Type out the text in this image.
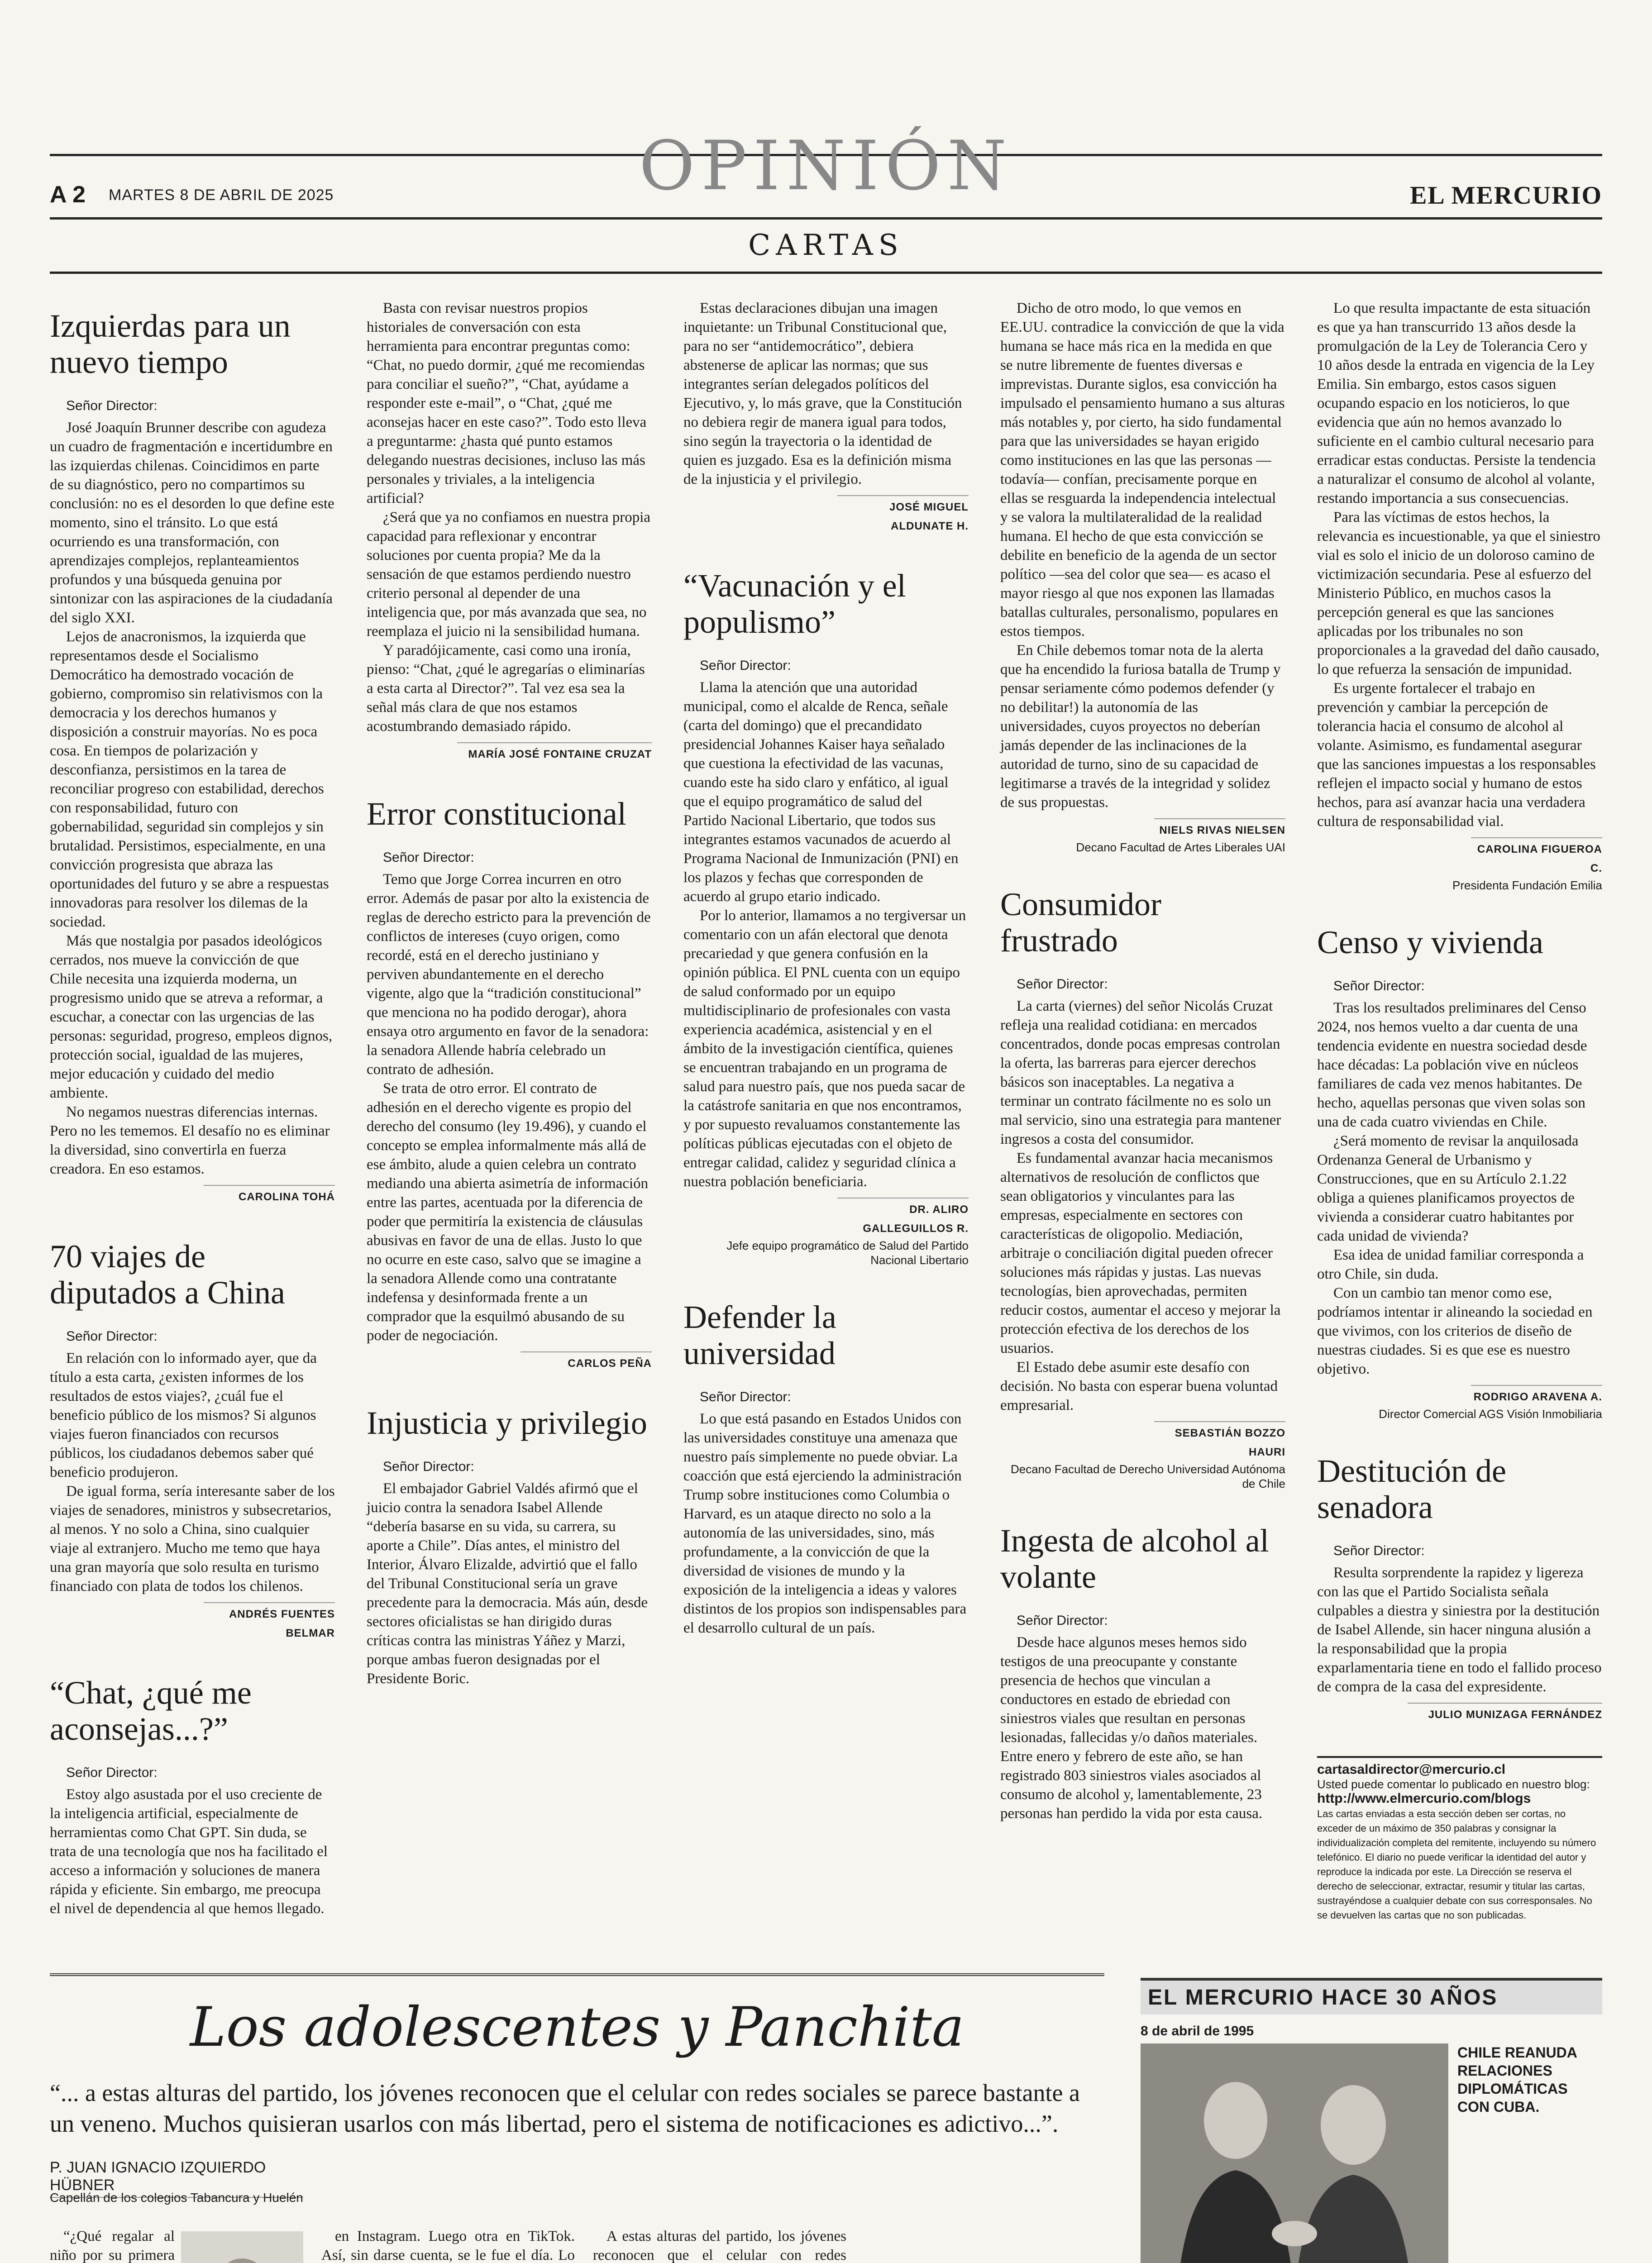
OPINIÓN
A 2 MARTES 8 DE ABRIL DE 2025	EL MERCURIO
CARTAS
Izquierdas para un nuevo tiempo
Señor Director:

José Joaquín Brunner describe con agudeza un cuadro de fragmentación e incertidumbre en las izquierdas chilenas. Coincidimos en parte de su diagnóstico, pero no compartimos su conclusión: no es el desorden lo que define este momento, sino el tránsito. Lo que está ocurriendo es una transformación, con aprendizajes complejos, replanteamientos profundos y una búsqueda genuina por sintonizar con las aspiraciones de la ciudadanía del siglo XXI.

Lejos de anacronismos, la izquierda que representamos desde el Socialismo Democrático ha demostrado vocación de gobierno, compromiso sin relativismos con la democracia y los derechos humanos y disposición a construir mayorías. No es poca cosa. En tiempos de polarización y desconfianza, persistimos en la tarea de reconciliar progreso con estabilidad, derechos con responsabilidad, futuro con gobernabilidad, seguridad sin complejos y sin brutalidad. Persistimos, especialmente, en una convicción progresista que abraza las oportunidades del futuro y se abre a respuestas innovadoras para resolver los dilemas de la sociedad.

Más que nostalgia por pasados ideológicos cerrados, nos mueve la convicción de que Chile necesita una izquierda moderna, un progresismo unido que se atreva a reformar, a escuchar, a conectar con las urgencias de las personas: seguridad, progreso, empleos dignos, protección social, igualdad de las mujeres, mejor educación y cuidado del medio ambiente.

No negamos nuestras diferencias internas. Pero no les tememos. El desafío no es eliminar la diversidad, sino convertirla en fuerza creadora. En eso estamos.

CAROLINA TOHÁ
70 viajes de diputados a China
Señor Director:

En relación con lo informado ayer, que da título a esta carta, ¿existen informes de los resultados de estos viajes?, ¿cuál fue el beneficio público de los mismos? Si algunos viajes fueron financiados con recursos públicos, los ciudadanos debemos saber qué beneficio produjeron.

De igual forma, sería interesante saber de los viajes de senadores, ministros y subsecretarios, al menos. Y no solo a China, sino cualquier viaje al extranjero. Mucho me temo que haya una gran mayoría que solo resulta en turismo financiado con plata de todos los chilenos.

ANDRÉS FUENTES BELMAR
“Chat, ¿qué me aconsejas...?”
Señor Director:

Estoy algo asustada por el uso creciente de la inteligencia artificial, especialmente de herramientas como Chat GPT. Sin duda, se trata de una tecnología que nos ha facilitado el acceso a información y soluciones de manera rápida y eficiente. Sin embargo, me preocupa el nivel de dependencia al que hemos llegado.

Basta con revisar nuestros propios historiales de conversación con esta herramienta para encontrar preguntas como: “Chat, no puedo dormir, ¿qué me recomiendas para conciliar el sueño?”, “Chat, ayúdame a responder este e-mail”, o “Chat, ¿qué me aconsejas hacer en este caso?”. Todo esto lleva a preguntarme: ¿hasta qué punto estamos delegando nuestras decisiones, incluso las más personales y triviales, a la inteligencia artificial?

¿Será que ya no confiamos en nuestra propia capacidad para reflexionar y encontrar soluciones por cuenta propia? Me da la sensación de que estamos perdiendo nuestro criterio personal al depender de una inteligencia que, por más avanzada que sea, no reemplaza el juicio ni la sensibilidad humana.

Y paradójicamente, casi como una ironía, pienso: “Chat, ¿qué le agregarías o eliminarías a esta carta al Director?”. Tal vez esa sea la señal más clara de que nos estamos acostumbrando demasiado rápido.

MARÍA JOSÉ FONTAINE CRUZAT
Error constitucional
Señor Director:

Temo que Jorge Correa incurren en otro error. Además de pasar por alto la existencia de reglas de derecho estricto para la prevención de conflictos de intereses (cuyo origen, como recordé, está en el derecho justiniano y perviven abundantemente en el derecho vigente, algo que la “tradición constitucional” que menciona no ha podido derogar), ahora ensaya otro argumento en favor de la senadora: la senadora Allende habría celebrado un contrato de adhesión.

Se trata de otro error. El contrato de adhesión en el derecho vigente es propio del derecho del consumo (ley 19.496), y cuando el concepto se emplea informalmente más allá de ese ámbito, alude a quien celebra un contrato mediando una abierta asimetría de información entre las partes, acentuada por la diferencia de poder que permitiría la existencia de cláusulas abusivas en favor de una de ellas. Justo lo que no ocurre en este caso, salvo que se imagine a la senadora Allende como una contratante indefensa y desinformada frente a un comprador que la esquilmó abusando de su poder de negociación.

CARLOS PEÑA
Injusticia y privilegio
Señor Director:

El embajador Gabriel Valdés afirmó que el juicio contra la senadora Isabel Allende “debería basarse en su vida, su carrera, su aporte a Chile”. Días antes, el ministro del Interior, Álvaro Elizalde, advirtió que el fallo del Tribunal Constitucional sería un grave precedente para la democracia. Más aún, desde sectores oficialistas se han dirigido duras críticas contra las ministras Yáñez y Marzi, porque ambas fueron designadas por el Presidente Boric.

Estas declaraciones dibujan una imagen inquietante: un Tribunal Constitucional que, para no ser “antidemocrático”, debiera abstenerse de aplicar las normas; que sus integrantes serían delegados políticos del Ejecutivo, y, lo más grave, que la Constitución no debiera regir de manera igual para todos, sino según la trayectoria o la identidad de quien es juzgado. Esa es la definición misma de la injusticia y el privilegio.

JOSÉ MIGUEL ALDUNATE H.
“Vacunación y el populismo”
Señor Director:

Llama la atención que una autoridad municipal, como el alcalde de Renca, señale (carta del domingo) que el precandidato presidencial Johannes Kaiser haya señalado que cuestiona la efectividad de las vacunas, cuando este ha sido claro y enfático, al igual que el equipo programático de salud del Partido Nacional Libertario, que todos sus integrantes estamos vacunados de acuerdo al Programa Nacional de Inmunización (PNI) en los plazos y fechas que corresponden de acuerdo al grupo etario indicado.

Por lo anterior, llamamos a no tergiversar un comentario con un afán electoral que denota precariedad y que genera confusión en la opinión pública. El PNL cuenta con un equipo de salud conformado por un equipo multidisciplinario de profesionales con vasta experiencia académica, asistencial y en el ámbito de la investigación científica, quienes se encuentran trabajando en un programa de salud para nuestro país, que nos pueda sacar de la catástrofe sanitaria en que nos encontramos, y por supuesto revaluamos constantemente las políticas públicas ejecutadas con el objeto de entregar calidad, calidez y seguridad clínica a nuestra población beneficiaria.

DR. ALIRO GALLEGUILLOS R.
Jefe equipo programático de Salud del Partido Nacional Libertario
Defender la universidad
Señor Director:

Lo que está pasando en Estados Unidos con las universidades constituye una amenaza que nuestro país simplemente no puede obviar. La coacción que está ejerciendo la administración Trump sobre instituciones como Columbia o Harvard, es un ataque directo no solo a la autonomía de las universidades, sino, más profundamente, a la convicción de que la diversidad de visiones de mundo y la exposición de la inteligencia a ideas y valores distintos de los propios son indispensables para el desarrollo cultural de un país.

Dicho de otro modo, lo que vemos en EE.UU. contradice la convicción de que la vida humana se hace más rica en la medida en que se nutre libremente de fuentes diversas e imprevistas. Durante siglos, esa convicción ha impulsado el pensamiento humano a sus alturas más notables y, por cierto, ha sido fundamental para que las universidades se hayan erigido como instituciones en las que las personas —todavía— confían, precisamente porque en ellas se resguarda la independencia intelectual y se valora la multilateralidad de la realidad humana. El hecho de que esta convicción se debilite en beneficio de la agenda de un sector político —sea del color que sea— es acaso el mayor riesgo al que nos exponen las llamadas batallas culturales, personalismo, populares en estos tiempos.

En Chile debemos tomar nota de la alerta que ha encendido la furiosa batalla de Trump y pensar seriamente cómo podemos defender (y no debilitar!) la autonomía de las universidades, cuyos proyectos no deberían jamás depender de las inclinaciones de la autoridad de turno, sino de su capacidad de legitimarse a través de la integridad y solidez de sus propuestas.

NIELS RIVAS NIELSEN
Decano Facultad de Artes Liberales UAI
Consumidor frustrado
Señor Director:

La carta (viernes) del señor Nicolás Cruzat refleja una realidad cotidiana: en mercados concentrados, donde pocas empresas controlan la oferta, las barreras para ejercer derechos básicos son inaceptables. La negativa a terminar un contrato fácilmente no es solo un mal servicio, sino una estrategia para mantener ingresos a costa del consumidor.

Es fundamental avanzar hacia mecanismos alternativos de resolución de conflictos que sean obligatorios y vinculantes para las empresas, especialmente en sectores con características de oligopolio. Mediación, arbitraje o conciliación digital pueden ofrecer soluciones más rápidas y justas. Las nuevas tecnologías, bien aprovechadas, permiten reducir costos, aumentar el acceso y mejorar la protección efectiva de los derechos de los usuarios.

El Estado debe asumir este desafío con decisión. No basta con esperar buena voluntad empresarial.

SEBASTIÁN BOZZO HAURI
Decano Facultad de Derecho Universidad Autónoma de Chile
Ingesta de alcohol al volante
Señor Director:

Desde hace algunos meses hemos sido testigos de una preocupante y constante presencia de hechos que vinculan a conductores en estado de ebriedad con siniestros viales que resultan en personas lesionadas, fallecidas y/o daños materiales. Entre enero y febrero de este año, se han registrado 803 siniestros viales asociados al consumo de alcohol y, lamentablemente, 23 personas han perdido la vida por esta causa.

Lo que resulta impactante de esta situación es que ya han transcurrido 13 años desde la promulgación de la Ley de Tolerancia Cero y 10 años desde la entrada en vigencia de la Ley Emilia. Sin embargo, estos casos siguen ocupando espacio en los noticieros, lo que evidencia que aún no hemos avanzado lo suficiente en el cambio cultural necesario para erradicar estas conductas. Persiste la tendencia a naturalizar el consumo de alcohol al volante, restando importancia a sus consecuencias.

Para las víctimas de estos hechos, la relevancia es incuestionable, ya que el siniestro vial es solo el inicio de un doloroso camino de victimización secundaria. Pese al esfuerzo del Ministerio Público, en muchos casos la percepción general es que las sanciones aplicadas por los tribunales no son proporcionales a la gravedad del daño causado, lo que refuerza la sensación de impunidad.

Es urgente fortalecer el trabajo en prevención y cambiar la percepción de tolerancia hacia el consumo de alcohol al volante. Asimismo, es fundamental asegurar que las sanciones impuestas a los responsables reflejen el impacto social y humano de estos hechos, para así avanzar hacia una verdadera cultura de responsabilidad vial.

CAROLINA FIGUEROA C.
Presidenta Fundación Emilia
Censo y vivienda
Señor Director:

Tras los resultados preliminares del Censo 2024, nos hemos vuelto a dar cuenta de una tendencia evidente en nuestra sociedad desde hace décadas: La población vive en núcleos familiares de cada vez menos habitantes. De hecho, aquellas personas que viven solas son una de cada cuatro viviendas en Chile.

¿Será momento de revisar la anquilosada Ordenanza General de Urbanismo y Construcciones, que en su Artículo 2.1.22 obliga a quienes planificamos proyectos de vivienda a considerar cuatro habitantes por cada unidad de vivienda?

Esa idea de unidad familiar corresponda a otro Chile, sin duda.

Con un cambio tan menor como ese, podríamos intentar ir alineando la sociedad en que vivimos, con los criterios de diseño de nuestras ciudades. Si es que ese es nuestro objetivo.

RODRIGO ARAVENA A.
Director Comercial AGS Visión Inmobiliaria
Destitución de senadora
Señor Director:

Resulta sorprendente la rapidez y ligereza con las que el Partido Socialista señala culpables a diestra y siniestra por la destitución de Isabel Allende, sin hacer ninguna alusión a la responsabilidad que la propia exparlamentaria tiene en todo el fallido proceso de compra de la casa del expresidente.

JULIO MUNIZAGA FERNÁNDEZ
cartasaldirector@mercurio.cl
Usted puede comentar lo publicado en nuestro blog:
http://www.elmercurio.com/blogs
Las cartas enviadas a esta sección deben ser cortas, no exceder de un máximo de 350 palabras y consignar la individualización completa del remitente, incluyendo su número telefónico. El diario no puede verificar la identidad del autor y reproduce la indicada por este. La Dirección se reserva el derecho de seleccionar, extractar, resumir y titular las cartas, sustrayéndose a cualquier debate con sus corresponsales. No se devuelven las cartas que no son publicadas.
Los adolescentes y Panchita
“... a estas alturas del partido, los jóvenes reconocen que el celular con redes sociales se parece bastante a un veneno. Muchos quisieran usarlos con más libertad, pero el sistema de notificaciones es adictivo...”.
P. JUAN IGNACIO IZQUIERDO HÜBNER
Capellán de los colegios Tabancura y Huelén

“¿Qué regalar al niño por su primera

en Instagram. Luego otra en TikTok. Así, sin darse cuenta, se le fue el día. Lo

A estas alturas del partido, los jóvenes reconocen que el celular con redes

EL MERCURIO HACE 30 AÑOS
8 de abril de 1995
CHILE REANUDA RELACIONES DIPLOMÁTICAS CON CUBA.
